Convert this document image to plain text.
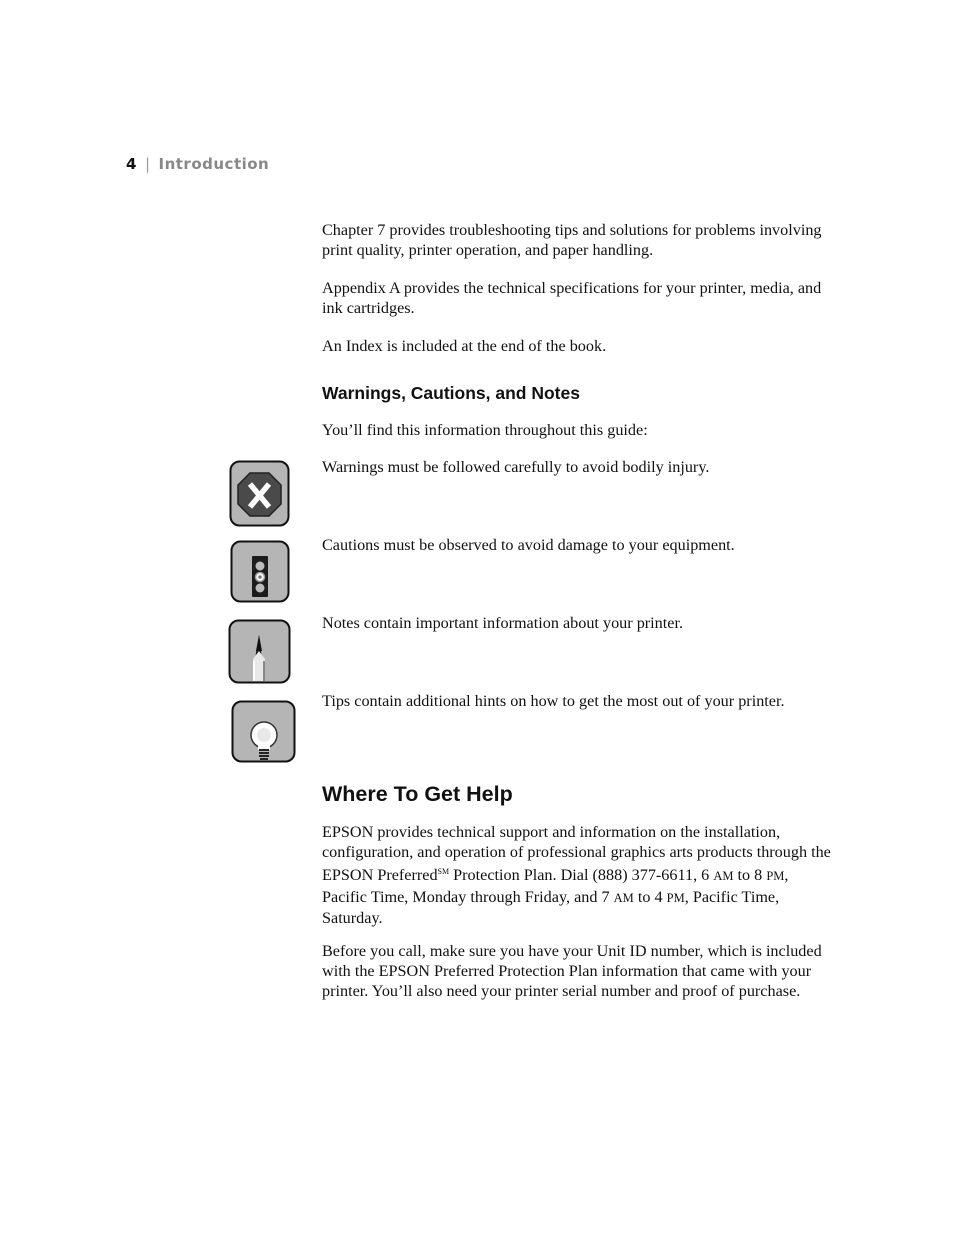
4 | Introduction

Chapter 7 provides troubleshooting tips and solutions for problems involving print quality, printer operation, and paper handling.

Appendix A provides the technical specifications for your printer, media, and ink cartridges.

An Index is included at the end of the book.

Warnings, Cautions, and Notes

You’ll find this information throughout this guide:

Warnings must be followed carefully to avoid bodily injury.

Cautions must be observed to avoid damage to your equipment.

Notes contain important information about your printer.

Tips contain additional hints on how to get the most out of your printer.

Where To Get Help

EPSON provides technical support and information on the installation, configuration, and operation of professional graphics arts products through the EPSON Preferred℠ Protection Plan. Dial (888) 377-6611, 6 AM to 8 PM, Pacific Time, Monday through Friday, and 7 AM to 4 PM, Pacific Time, Saturday.

Before you call, make sure you have your Unit ID number, which is included with the EPSON Preferred Protection Plan information that came with your printer. You’ll also need your printer serial number and proof of purchase.
